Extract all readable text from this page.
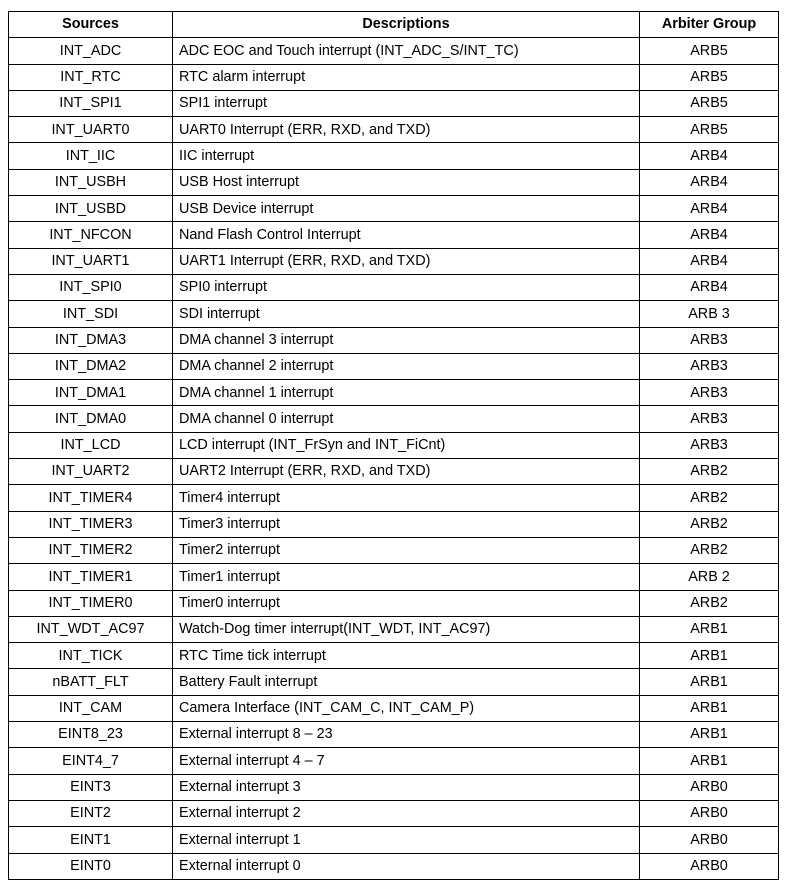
Sources	Descriptions	Arbiter Group
INT_ADC	ADC EOC and Touch interrupt (INT_ADC_S/INT_TC)	ARB5
INT_RTC	RTC alarm interrupt	ARB5
INT_SPI1	SPI1 interrupt	ARB5
INT_UART0	UART0 Interrupt (ERR, RXD, and TXD)	ARB5
INT_IIC	IIC interrupt	ARB4
INT_USBH	USB Host interrupt	ARB4
INT_USBD	USB Device interrupt	ARB4
INT_NFCON	Nand Flash Control Interrupt	ARB4
INT_UART1	UART1 Interrupt (ERR, RXD, and TXD)	ARB4
INT_SPI0	SPI0 interrupt	ARB4
INT_SDI	SDI interrupt	ARB 3
INT_DMA3	DMA channel 3 interrupt	ARB3
INT_DMA2	DMA channel 2 interrupt	ARB3
INT_DMA1	DMA channel 1 interrupt	ARB3
INT_DMA0	DMA channel 0 interrupt	ARB3
INT_LCD	LCD interrupt (INT_FrSyn and INT_FiCnt)	ARB3
INT_UART2	UART2 Interrupt (ERR, RXD, and TXD)	ARB2
INT_TIMER4	Timer4 interrupt	ARB2
INT_TIMER3	Timer3 interrupt	ARB2
INT_TIMER2	Timer2 interrupt	ARB2
INT_TIMER1	Timer1 interrupt	ARB 2
INT_TIMER0	Timer0 interrupt	ARB2
INT_WDT_AC97	Watch-Dog timer interrupt(INT_WDT, INT_AC97)	ARB1
INT_TICK	RTC Time tick interrupt	ARB1
nBATT_FLT	Battery Fault interrupt	ARB1
INT_CAM	Camera Interface (INT_CAM_C, INT_CAM_P)	ARB1
EINT8_23	External interrupt 8 – 23	ARB1
EINT4_7	External interrupt 4 – 7	ARB1
EINT3	External interrupt 3	ARB0
EINT2	External interrupt 2	ARB0
EINT1	External interrupt 1	ARB0
EINT0	External interrupt 0	ARB0
